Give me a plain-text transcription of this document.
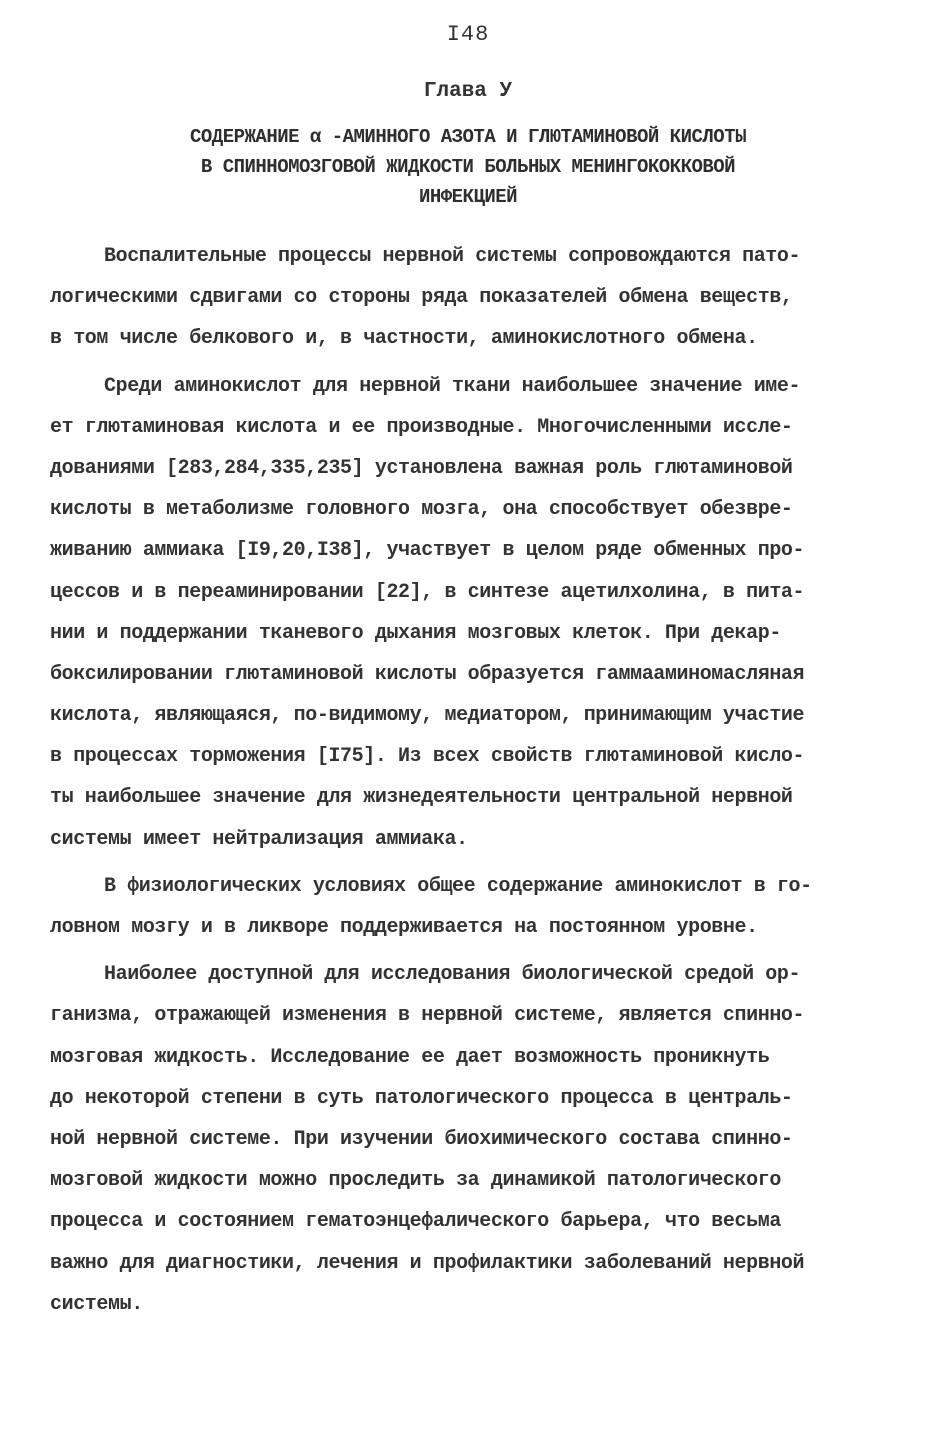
I48
Глава У
СОДЕРЖАНИЕ α -АМИННОГО АЗОТА И ГЛЮТАМИНОВОЙ КИСЛОТЫ
В СПИННОМОЗГОВОЙ ЖИДКОСТИ БОЛЬНЫХ МЕНИНГОКОККОВОЙ
ИНФЕКЦИЕЙ
Воспалительные процессы нервной системы сопровождаются пато-
логическими сдвигами со стороны ряда показателей обмена веществ,
в том числе белкового и, в частности, аминокислотного обмена.
Среди аминокислот для нервной ткани наибольшее значение име-
ет глютаминовая кислота и ее производные. Многочисленными иссле-
дованиями [283,284,335,235] установлена важная роль глютаминовой
кислоты в метаболизме головного мозга, она способствует обезвре-
живанию аммиака [I9,20,I38], участвует в целом ряде обменных про-
цессов и в переаминировании [22], в синтезе ацетилхолина, в пита-
нии и поддержании тканевого дыхания мозговых клеток. При декар-
боксилировании глютаминовой кислоты образуется гаммааминомасляная
кислота, являющаяся, по-видимому, медиатором, принимающим участие
в процессах торможения [I75]. Из всех свойств глютаминовой кисло-
ты наибольшее значение для жизнедеятельности центральной нервной
системы имеет нейтрализация аммиака.
В физиологических условиях общее содержание аминокислот в го-
ловном мозгу и в ликворе поддерживается на постоянном уровне.
Наиболее доступной для исследования биологической средой ор-
ганизма, отражающей изменения в нервной системе, является спинно-
мозговая жидкость. Исследование ее дает возможность проникнуть
до некоторой степени в суть патологического процесса в централь-
ной нервной системе. При изучении биохимического состава спинно-
мозговой жидкости можно проследить за динамикой патологического
процесса и состоянием гематоэнцефалического барьера, что весьма
важно для диагностики, лечения и профилактики заболеваний нервной
системы.
